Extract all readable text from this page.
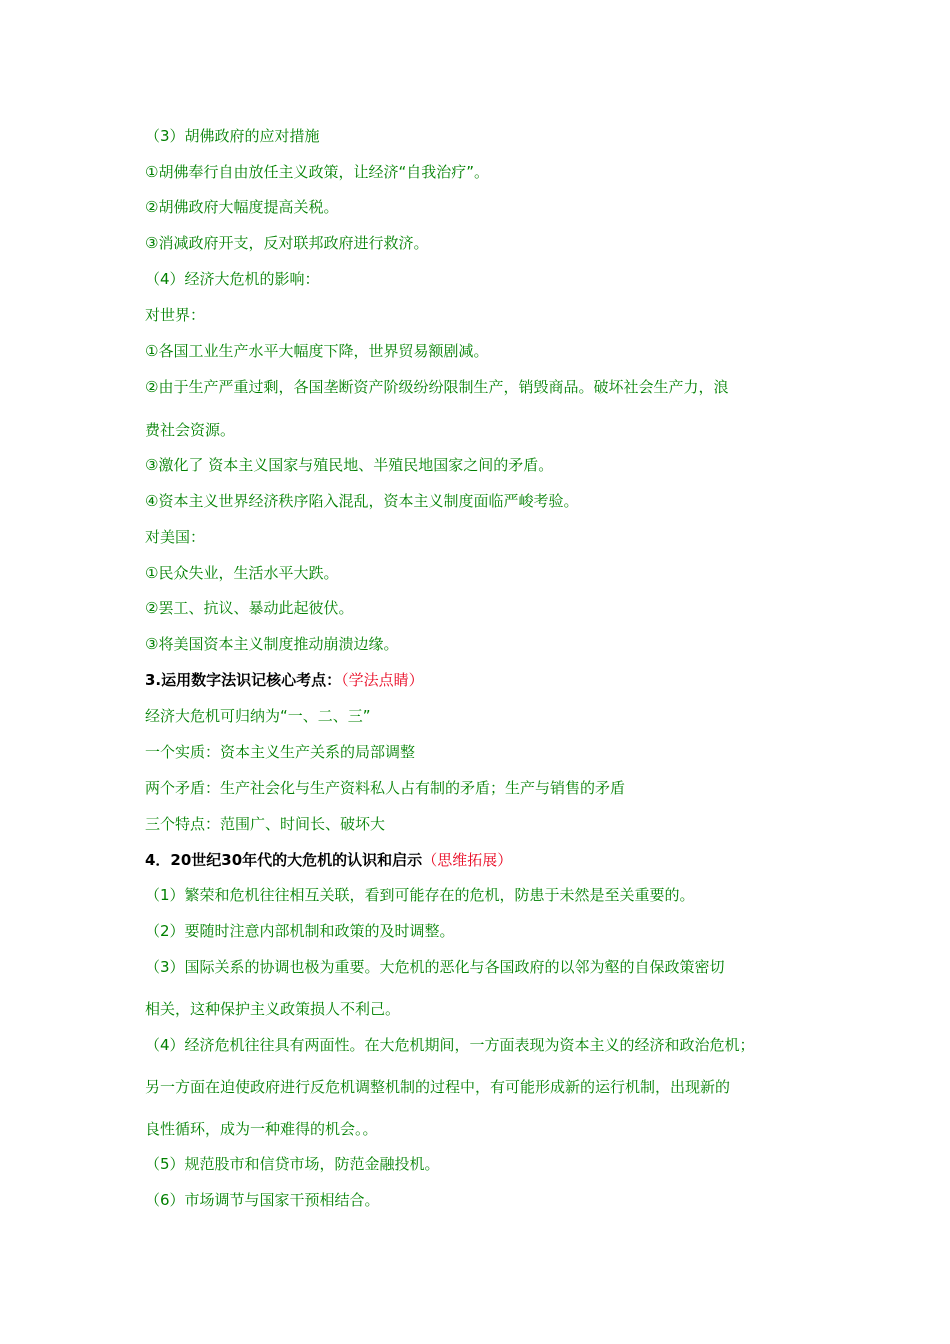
（3）胡佛政府的应对措施
①胡佛奉行自由放任主义政策，让经济“自我治疗”。
②胡佛政府大幅度提高关税。
③消减政府开支，反对联邦政府进行救济。
（4）经济大危机的影响：
对世界：
①各国工业生产水平大幅度下降，世界贸易额剧减。
②由于生产严重过剩，各国垄断资产阶级纷纷限制生产，销毁商品。破坏社会生产力，浪
费社会资源。
③激化了 资本主义国家与殖民地、半殖民地国家之间的矛盾。
④资本主义世界经济秩序陷入混乱，资本主义制度面临严峻考验。
对美国：
①民众失业，生活水平大跌。
②罢工、抗议、暴动此起彼伏。
③将美国资本主义制度推动崩溃边缘。
3.运用数字法识记核心考点：（学法点睛）
经济大危机可归纳为“一、二、三”
一个实质：资本主义生产关系的局部调整
两个矛盾：生产社会化与生产资料私人占有制的矛盾；生产与销售的矛盾
三个特点：范围广、时间长、破坏大
4．20世纪30年代的大危机的认识和启示（思维拓展）
（1）繁荣和危机往往相互关联，看到可能存在的危机，防患于未然是至关重要的。
（2）要随时注意内部机制和政策的及时调整。
（3）国际关系的协调也极为重要。大危机的恶化与各国政府的以邻为壑的自保政策密切
相关，这种保护主义政策损人不利己。
（4）经济危机往往具有两面性。在大危机期间，一方面表现为资本主义的经济和政治危机；
另一方面在迫使政府进行反危机调整机制的过程中，有可能形成新的运行机制，出现新的
良性循环，成为一种难得的机会。。
（5）规范股市和信贷市场，防范金融投机。
（6）市场调节与国家干预相结合。
